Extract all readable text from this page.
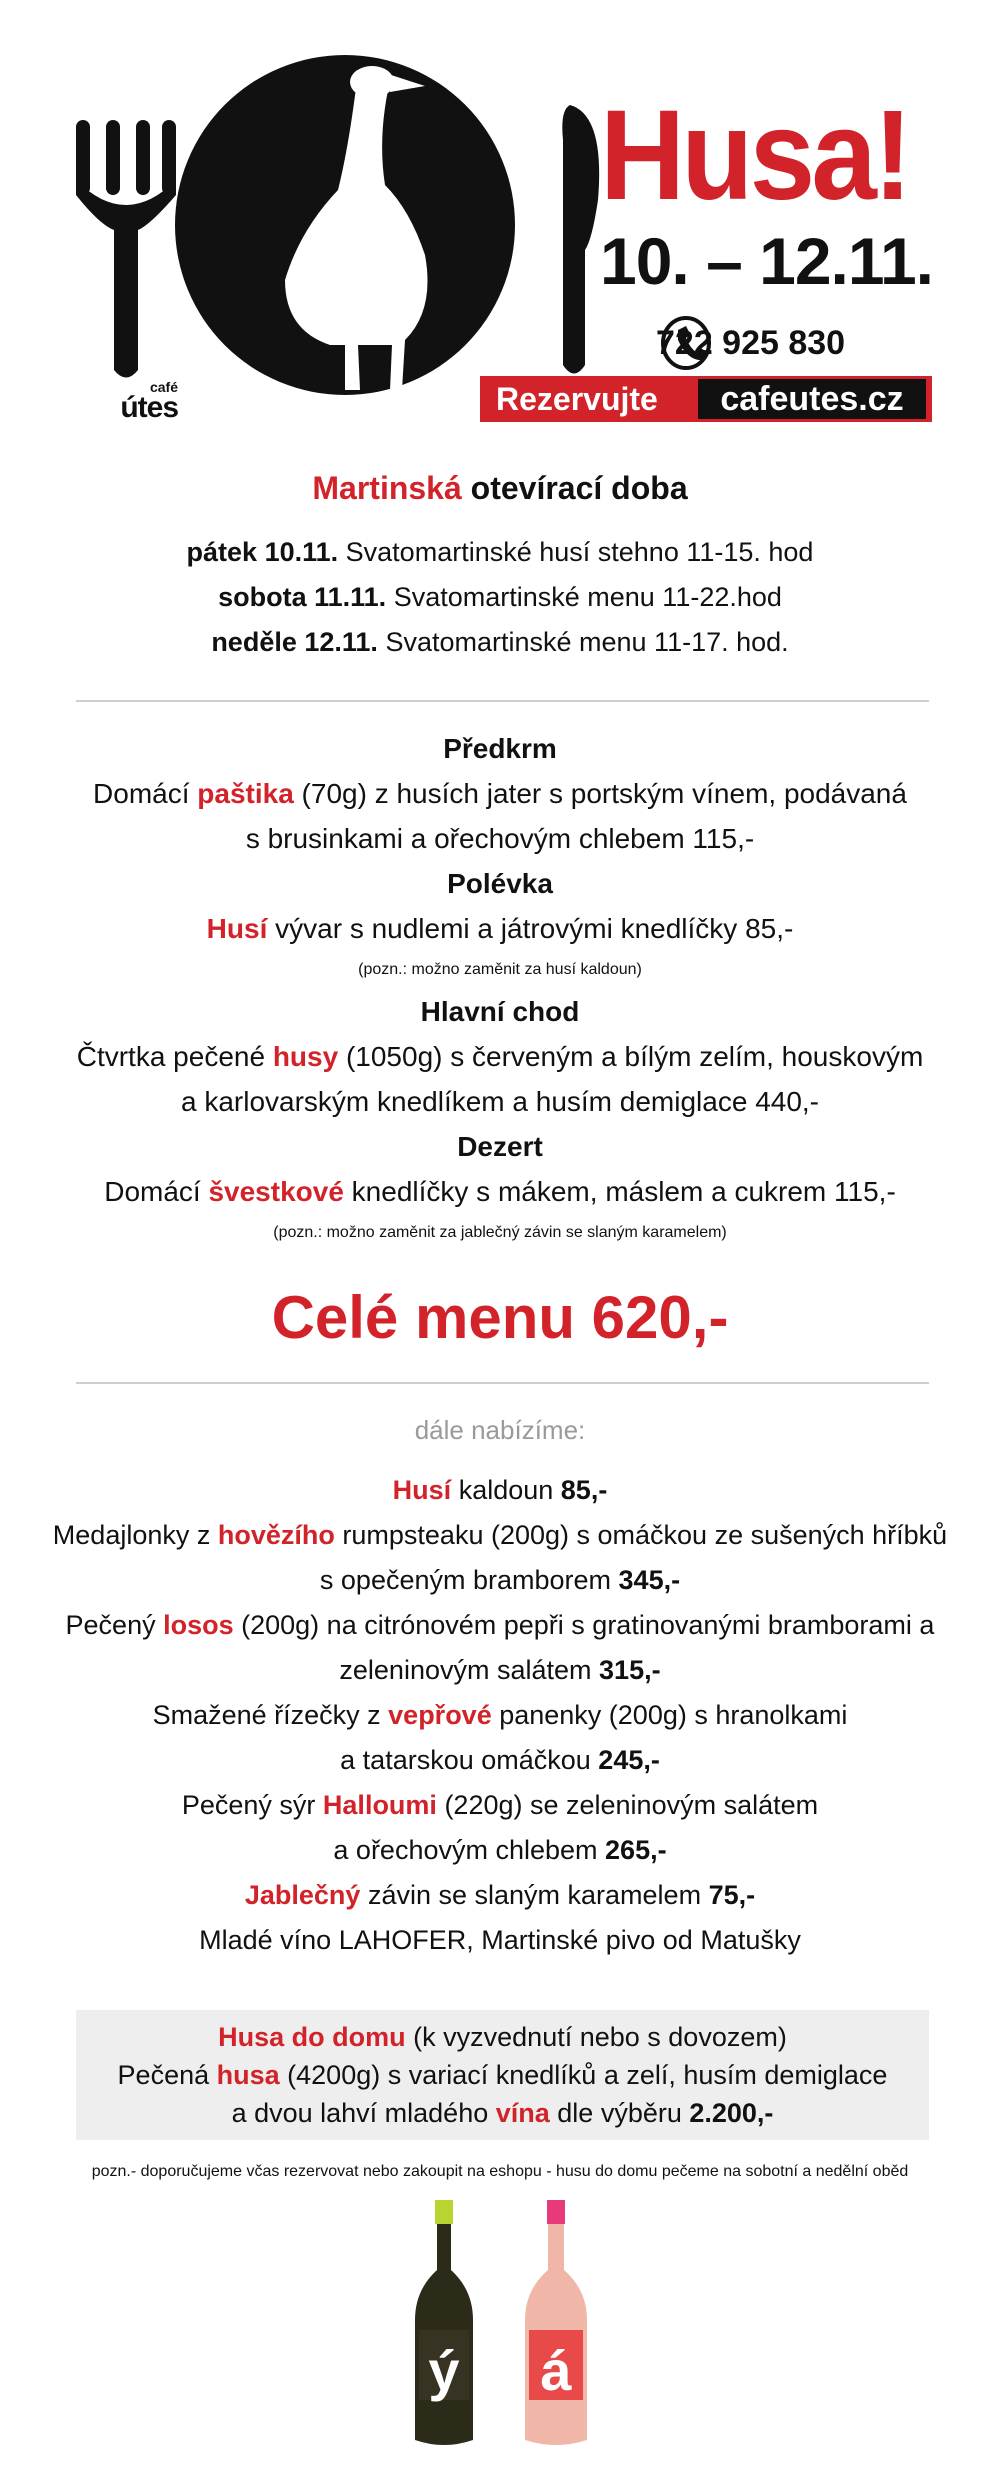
café
útes
Husa!
10. – 12.11.
722 925 830
Rezervujte	cafeutes.cz
Martinská otevírací doba
pátek 10.11. Svatomartinské husí stehno 11-15. hod
sobota 11.11. Svatomartinské menu 11-22.hod
neděle 12.11. Svatomartinské menu 11-17. hod.
Předkrm
Domácí paštika (70g) z husích jater s portským vínem, podávaná
s brusinkami a ořechovým chlebem 115,-
Polévka
Husí vývar s nudlemi a játrovými knedlíčky 85,-
(pozn.: možno zaměnit za husí kaldoun)
Hlavní chod
Čtvrtka pečené husy (1050g) s červeným a bílým zelím, houskovým
a karlovarským knedlíkem a husím demiglace 440,-
Dezert
Domácí švestkové knedlíčky s mákem, máslem a cukrem 115,-
(pozn.: možno zaměnit za jablečný závin se slaným karamelem)
Celé menu 620,-
dále nabízíme:
Husí kaldoun 85,-
Medajlonky z hovězího rumpsteaku (200g) s omáčkou ze sušených hříbků
s opečeným bramborem 345,-
Pečený losos (200g) na citrónovém pepři s gratinovanými bramborami a
zeleninovým salátem 315,-
Smažené řízečky z vepřové panenky (200g) s hranolkami
a tatarskou omáčkou 245,-
Pečený sýr Halloumi (220g) se zeleninovým salátem
a ořechovým chlebem 265,-
Jablečný závin se slaným karamelem 75,-
Mladé víno LAHOFER, Martinské pivo od Matušky
Husa do domu (k vyzvednutí nebo s dovozem)
Pečená husa (4200g) s variací knedlíků a zelí, husím demiglace
a dvou lahví mladého vína dle výběru 2.200,-
pozn.- doporučujeme včas rezervovat nebo zakoupit na eshopu - husu do domu pečeme na sobotní a nedělní oběd
ý á
